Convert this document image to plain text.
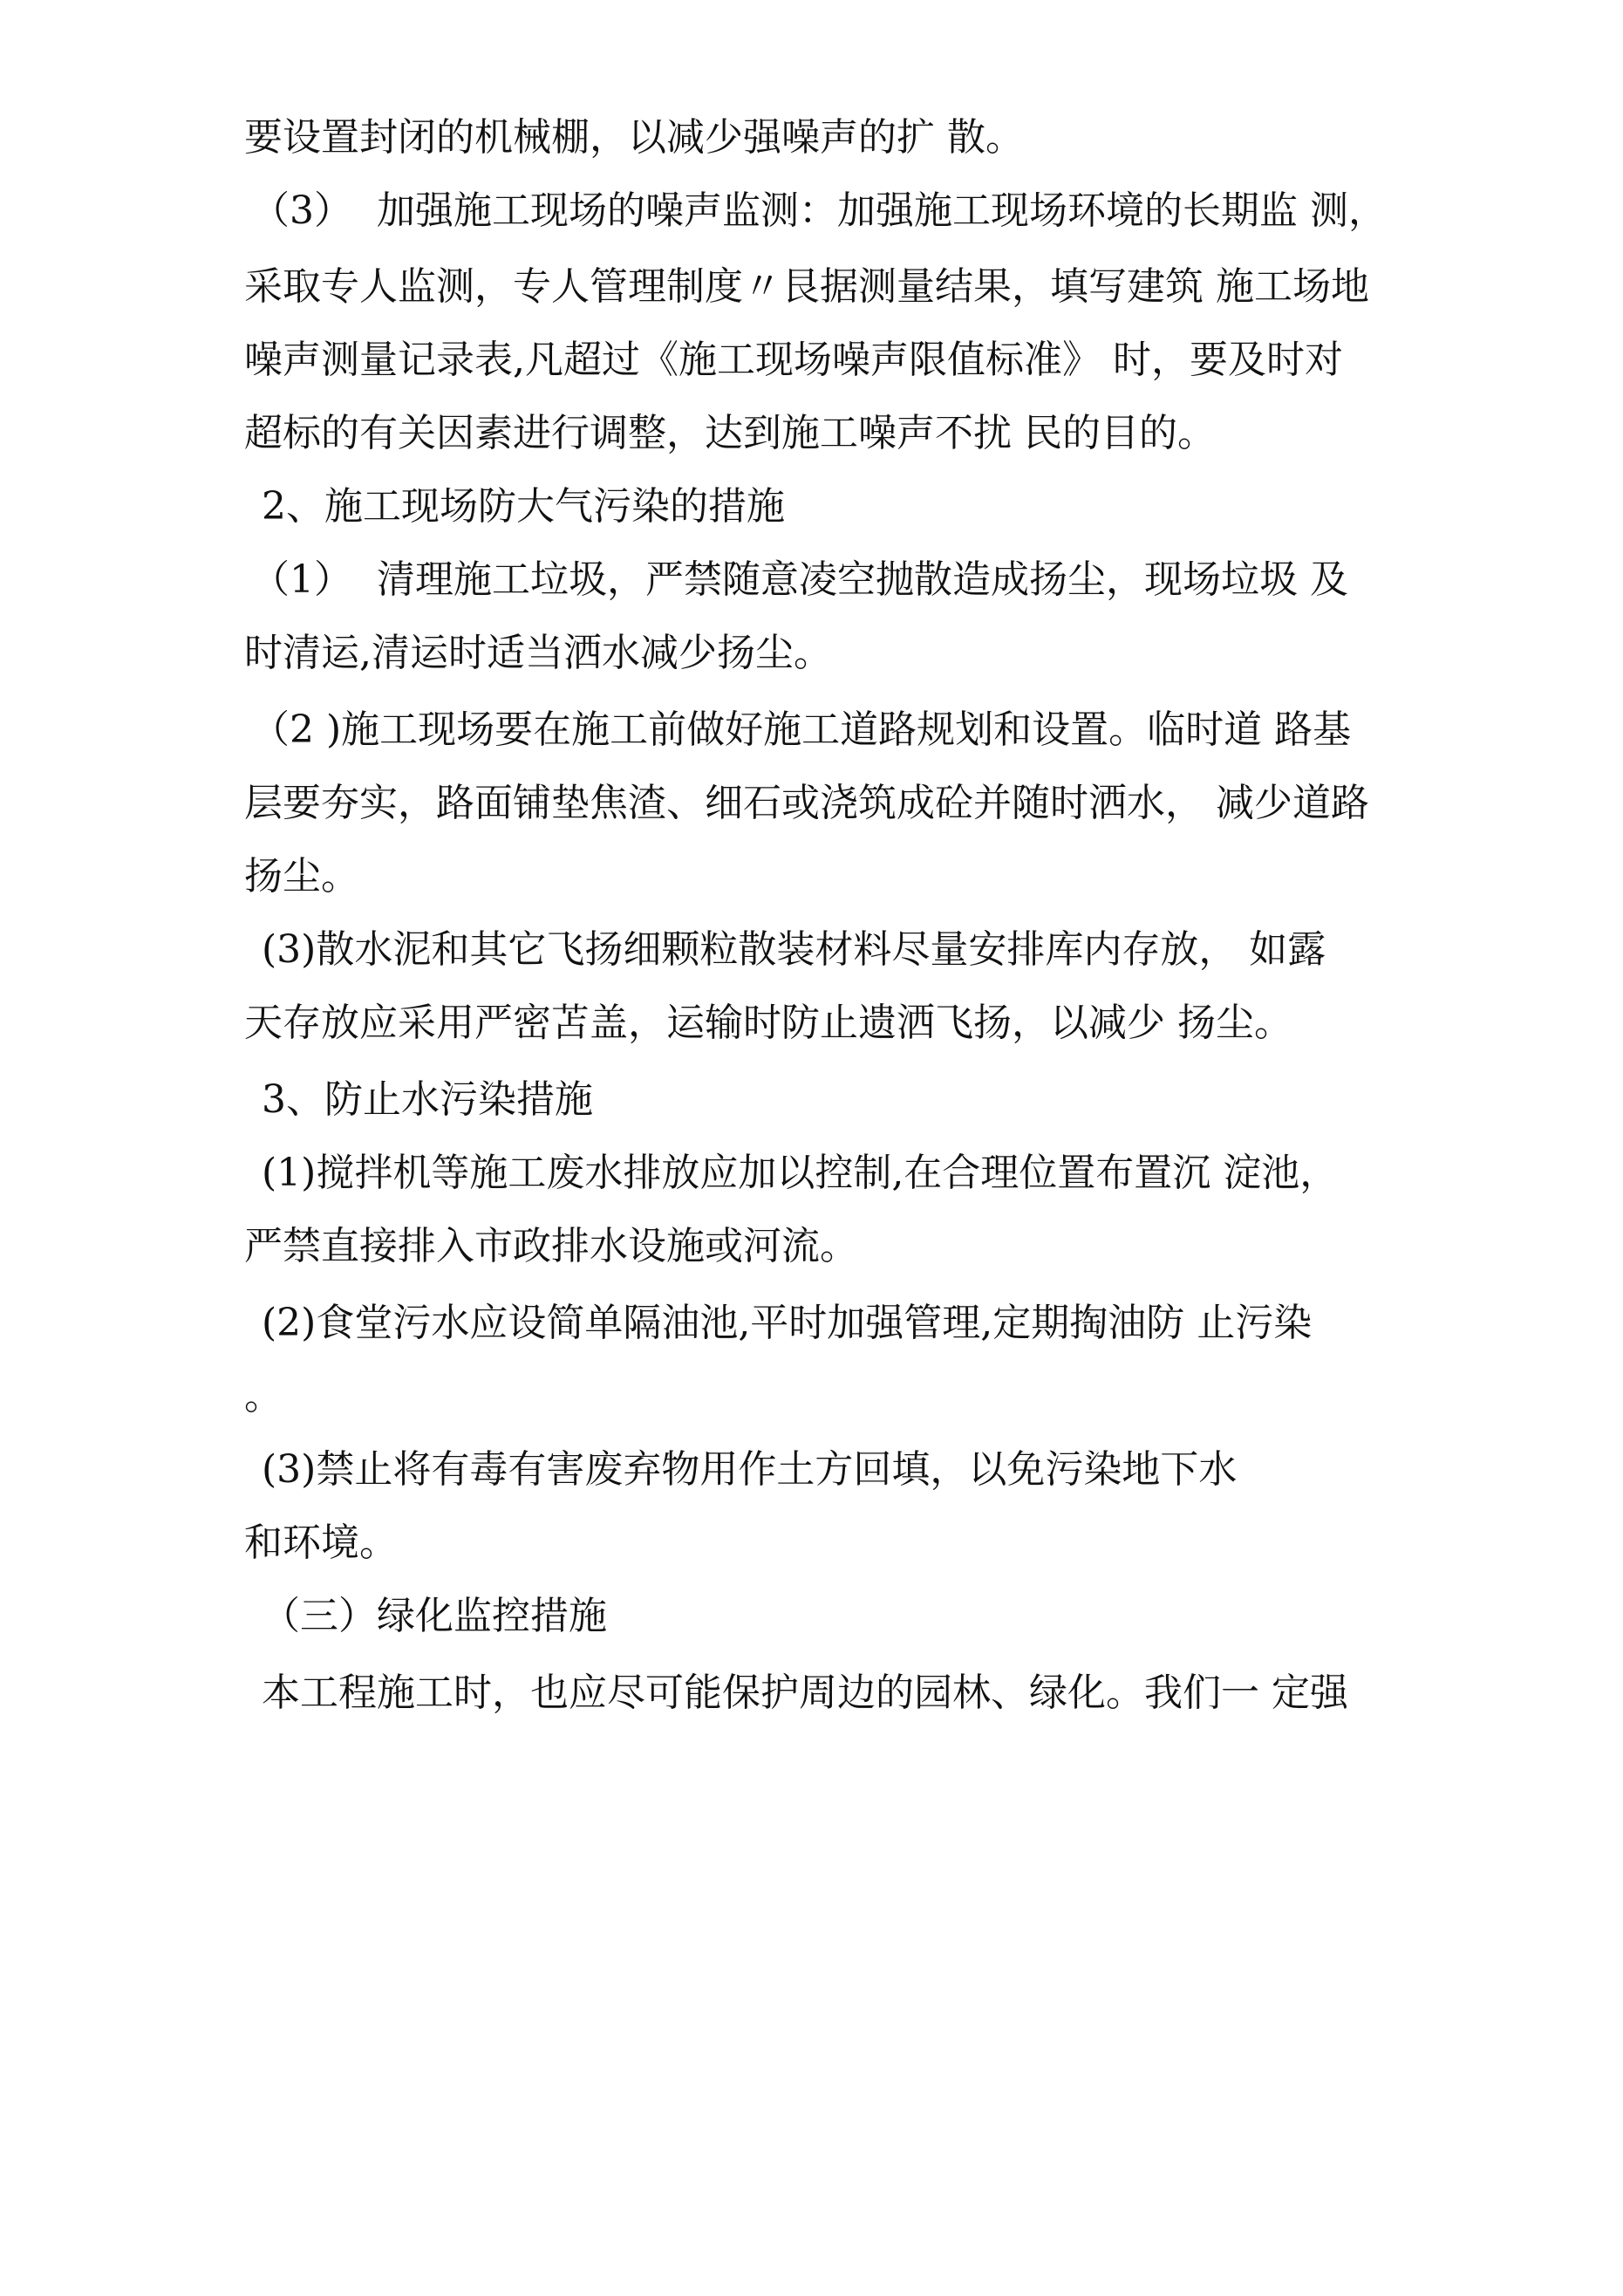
要设置封闭的机械棚，以减少强噪声的扩 散。
（3）  加强施工现场的噪声监测：加强施工现场环境的长期监 测，
采取专人监测，专人管理制度〃艮据测量结果，填写建筑 施工场地
噪声测量记录表,凡超过《施工现场噪声限值标准》 时，要及时对
超标的有关因素进行调整，达到施工噪声不扰 民的目的。
2、施工现场防大气污染的措施
（1）  清理施工垃圾，严禁随意凌空抛散造成扬尘，现场垃圾 及
时清运,清运时适当洒水减少扬尘。
（2 )施工现场要在施工前做好施工道路规划和设置。临时道 路基
层要夯实，路面铺垫焦渣、细石或浇筑成砼并随时洒水， 减少道路
扬尘。
(3)散水泥和其它飞扬细颗粒散装材料尽量安排库内存放， 如露
天存放应采用严密苫盖，运输时防止遗洒飞扬，以减少 扬尘。
3、防止水污染措施
(1)搅拌机等施工废水排放应加以控制,在合理位置布置沉 淀池，
严禁直接排入市政排水设施或河流。
(2)食堂污水应设简单隔油池,平时加强管理,定期掏油防 止污染
。
(3)禁止将有毒有害废弃物用作土方回填，以免污染地下水
和环境。
（三）绿化监控措施
本工程施工时，也应尽可能保护周边的园林、绿化。我们一 定强
